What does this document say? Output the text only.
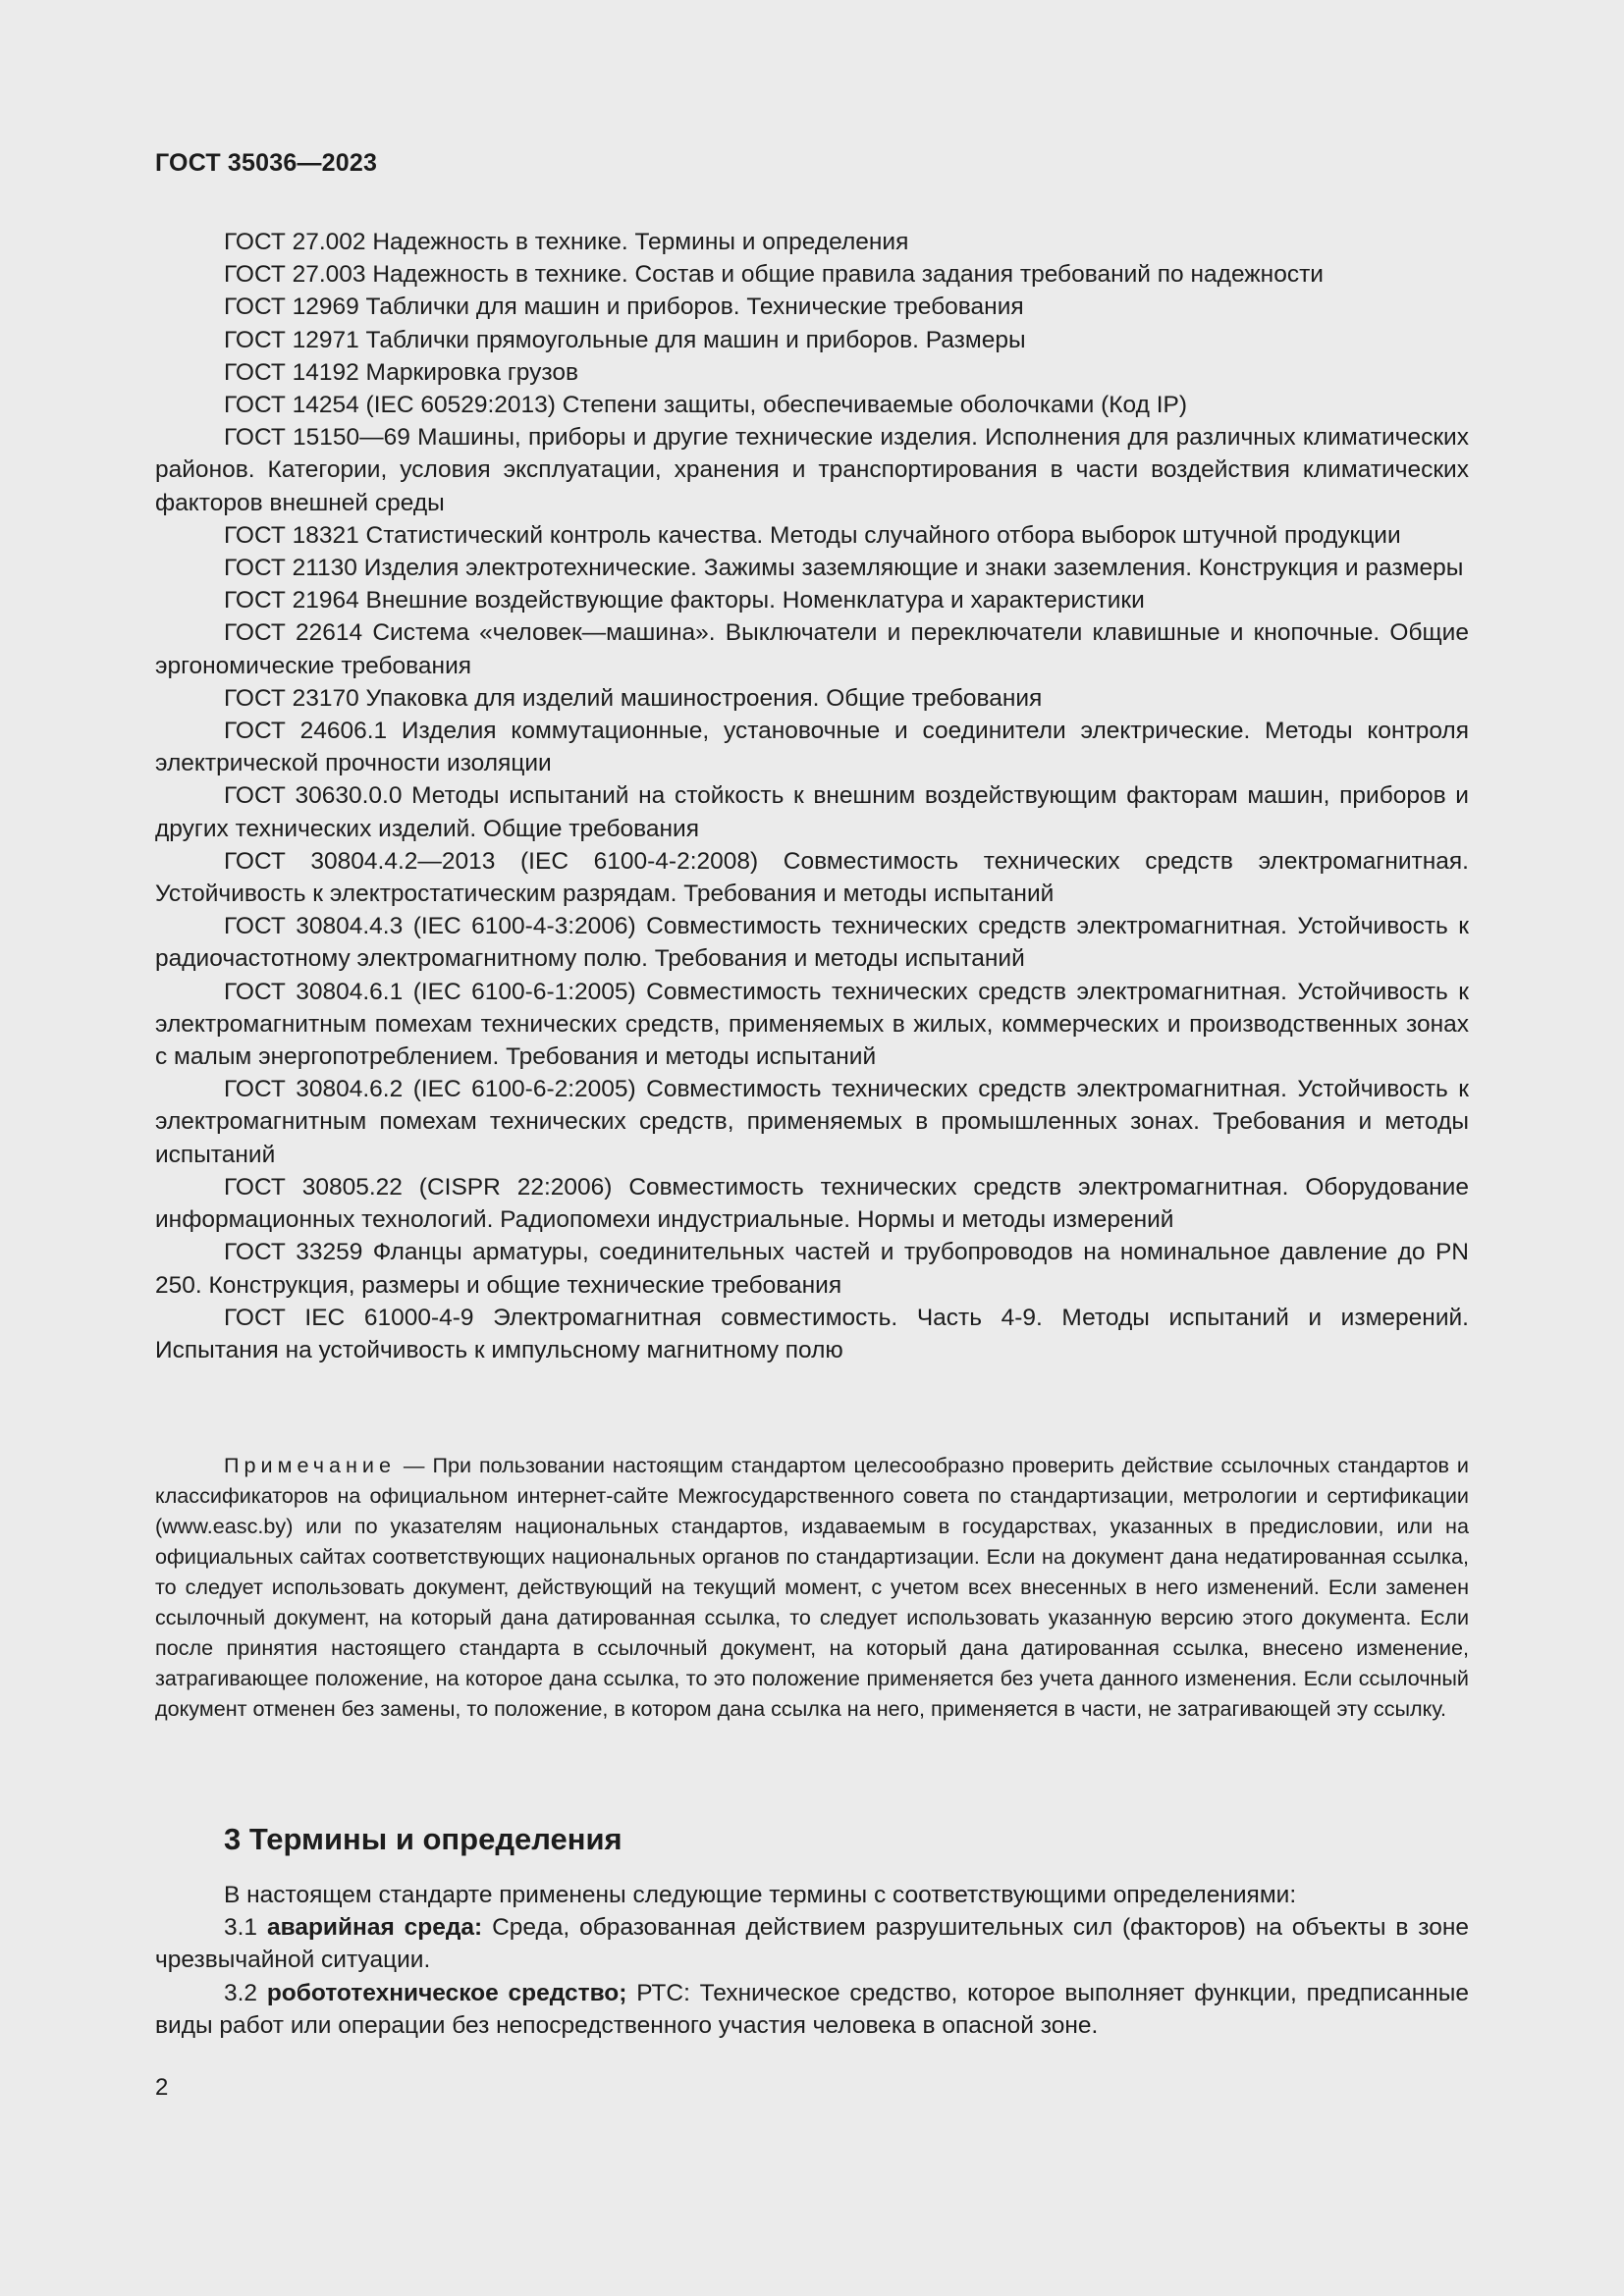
ГОСТ 35036—2023

ГОСТ 27.002 Надежность в технике. Термины и определения

ГОСТ 27.003 Надежность в технике. Состав и общие правила задания требований по надежности

ГОСТ 12969 Таблички для машин и приборов. Технические требования

ГОСТ 12971 Таблички прямоугольные для машин и приборов. Размеры

ГОСТ 14192 Маркировка грузов

ГОСТ 14254 (IEC 60529:2013) Степени защиты, обеспечиваемые оболочками (Код IP)

ГОСТ 15150—69 Машины, приборы и другие технические изделия. Исполнения для различных климатических районов. Категории, условия эксплуатации, хранения и транспортирования в части воздействия климатических факторов внешней среды

ГОСТ 18321 Статистический контроль качества. Методы случайного отбора выборок штучной продукции

ГОСТ 21130 Изделия электротехнические. Зажимы заземляющие и знаки заземления. Конструкция и размеры

ГОСТ 21964 Внешние воздействующие факторы. Номенклатура и характеристики

ГОСТ 22614 Система «человек—машина». Выключатели и переключатели клавишные и кнопочные. Общие эргономические требования

ГОСТ 23170 Упаковка для изделий машиностроения. Общие требования

ГОСТ 24606.1 Изделия коммутационные, установочные и соединители электрические. Методы контроля электрической прочности изоляции

ГОСТ 30630.0.0 Методы испытаний на стойкость к внешним воздействующим факторам машин, приборов и других технических изделий. Общие требования

ГОСТ 30804.4.2—2013 (IEC 6100-4-2:2008) Совместимость технических средств электромагнитная. Устойчивость к электростатическим разрядам. Требования и методы испытаний

ГОСТ 30804.4.3 (IEC 6100-4-3:2006) Совместимость технических средств электромагнитная. Устойчивость к радиочастотному электромагнитному полю. Требования и методы испытаний

ГОСТ 30804.6.1 (IEC 6100-6-1:2005) Совместимость технических средств электромагнитная. Устойчивость к электромагнитным помехам технических средств, применяемых в жилых, коммерческих и производственных зонах с малым энергопотреблением. Требования и методы испытаний

ГОСТ 30804.6.2 (IEC 6100-6-2:2005) Совместимость технических средств электромагнитная. Устойчивость к электромагнитным помехам технических средств, применяемых в промышленных зонах. Требования и методы испытаний

ГОСТ 30805.22 (CISPR 22:2006) Совместимость технических средств электромагнитная. Оборудование информационных технологий. Радиопомехи индустриальные. Нормы и методы измерений

ГОСТ 33259 Фланцы арматуры, соединительных частей и трубопроводов на номинальное давление до PN 250. Конструкция, размеры и общие технические требования

ГОСТ IEC 61000-4-9 Электромагнитная совместимость. Часть 4-9. Методы испытаний и измерений. Испытания на устойчивость к импульсному магнитному полю

Примечание — При пользовании настоящим стандартом целесообразно проверить действие ссылочных стандартов и классификаторов на официальном интернет-сайте Межгосударственного совета по стандартизации, метрологии и сертификации (www.easc.by) или по указателям национальных стандартов, издаваемым в государствах, указанных в предисловии, или на официальных сайтах соответствующих национальных органов по стандартизации. Если на документ дана недатированная ссылка, то следует использовать документ, действующий на текущий момент, с учетом всех внесенных в него изменений. Если заменен ссылочный документ, на который дана датированная ссылка, то следует использовать указанную версию этого документа. Если после принятия настоящего стандарта в ссылочный документ, на который дана датированная ссылка, внесено изменение, затрагивающее положение, на которое дана ссылка, то это положение применяется без учета данного изменения. Если ссылочный документ отменен без замены, то положение, в котором дана ссылка на него, применяется в части, не затрагивающей эту ссылку.

3 Термины и определения

В настоящем стандарте применены следующие термины с соответствующими определениями:

3.1 аварийная среда: Среда, образованная действием разрушительных сил (факторов) на объекты в зоне чрезвычайной ситуации.

3.2 робототехническое средство; РТС: Техническое средство, которое выполняет функции, предписанные виды работ или операции без непосредственного участия человека в опасной зоне.

2
